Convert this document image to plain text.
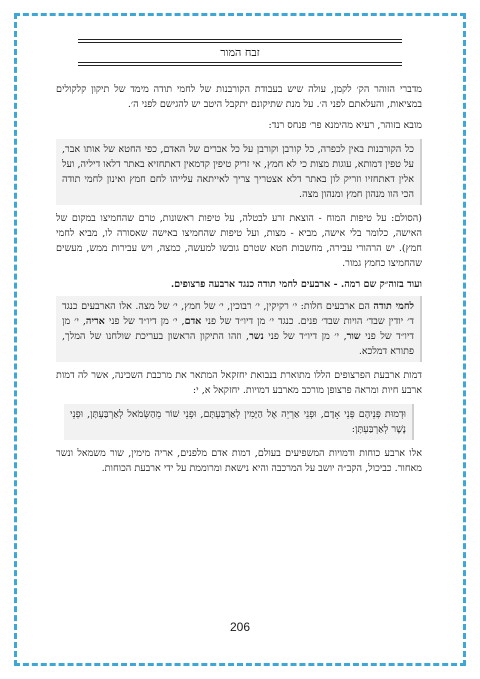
זבח המור

מדברי הזוהר הק׳ לקמן, עולה שיש בעבודת הקורבנות של לחמי תודה מימד של תיקון קלקולים במציאות, והעלאתם לפני ה׳. על מנת שתיקונם יתקבל היטב יש להגישם לפני ה׳.

מובא בזוהר, רעיא מהימנא פר׳ פנחס רנד:

כל הקורבנות באין לכפרה, כל קורבן וקורבן על כל אברים של האדם, כפי החטא של אותו אבר, על טפין דמותא, עוגות מצות כי לא חמץ, אי זריק טיפין קדמאין דאתחזיא באתר דלאו דיליה, ועל אלין דאתחזיו וזריק לון באתר דלא אצטריך צריך לאייתאה עלייהו לחם חמץ ואינון לחמי תודה הכי הוו מנהון חמץ ומנהון מצה.

(הסולם: על טיפות המוח - הוצאת זרע לבטלה, על טיפות ראשונות, טרם שהחמיצו במקום של האישה, כלומר בלי אישה, מביא - מצות, ועל טיפות שהחמיצו באישה שאסורה לו, מביא לחמי חמץ). יש הרהורי עבירה, מחשבות חטא שטרם גובשו למעשה, כמצה, ויש עבירות ממש, מעשים שהחמיצו כחמץ גמור.

ועוד בזוה״ק שם רמה. - ארבעים לחמי תודה כנגד ארבעה פרצופים.

לחמי תודה הם ארבעים חלות: י׳ רקיקין, י׳ רבוכין, י׳ של חמץ, י׳ של מצה. אלו הארבעים כנגד ד׳ יודין שבד׳ הויות שבד׳ פנים. כנגד י׳ מן דיו״ד של פני אדם, י׳ מן דיו״ד של פני אריה, י׳ מן דיו״ד של פני שור, י׳ מן דיו״ד של פני נשר, וזהו התיקון הראשון בעריכת שולחנו של המלך, פתורא דמלכא.

דמות ארבעת הפרצופים הללו מתוארת בנבואת יחזקאל המתאר את מרכבת השכינה, אשר לה דמות ארבע חיות ומראה פרצופן מורכב מארבע דמויות. יחזקאל א, י:

וּדְמוּת פְּנֵיהֶם פְּנֵי אָדָם, וּפְנֵי אַרְיֵה אֶל הַיָּמִין לְאַרְבַּעְתָּם, וּפְנֵי שׁוֹר מֵהַשְּׂמֹאל לְאַרְבַּעְתָּן, וּפְנֵי נֶשֶׁר לְאַרְבַּעְתָּן:

אלו ארבע כוחות ודמויות המשפיעים בעולם, דמות אדם מלפנים, אריה מימין, שור משמאל ונשר מאחור. כביכול, הקב״ה יושב על המרכבה והיא נישאת ומרוממת על ידי ארבעת הכוחות.

206
